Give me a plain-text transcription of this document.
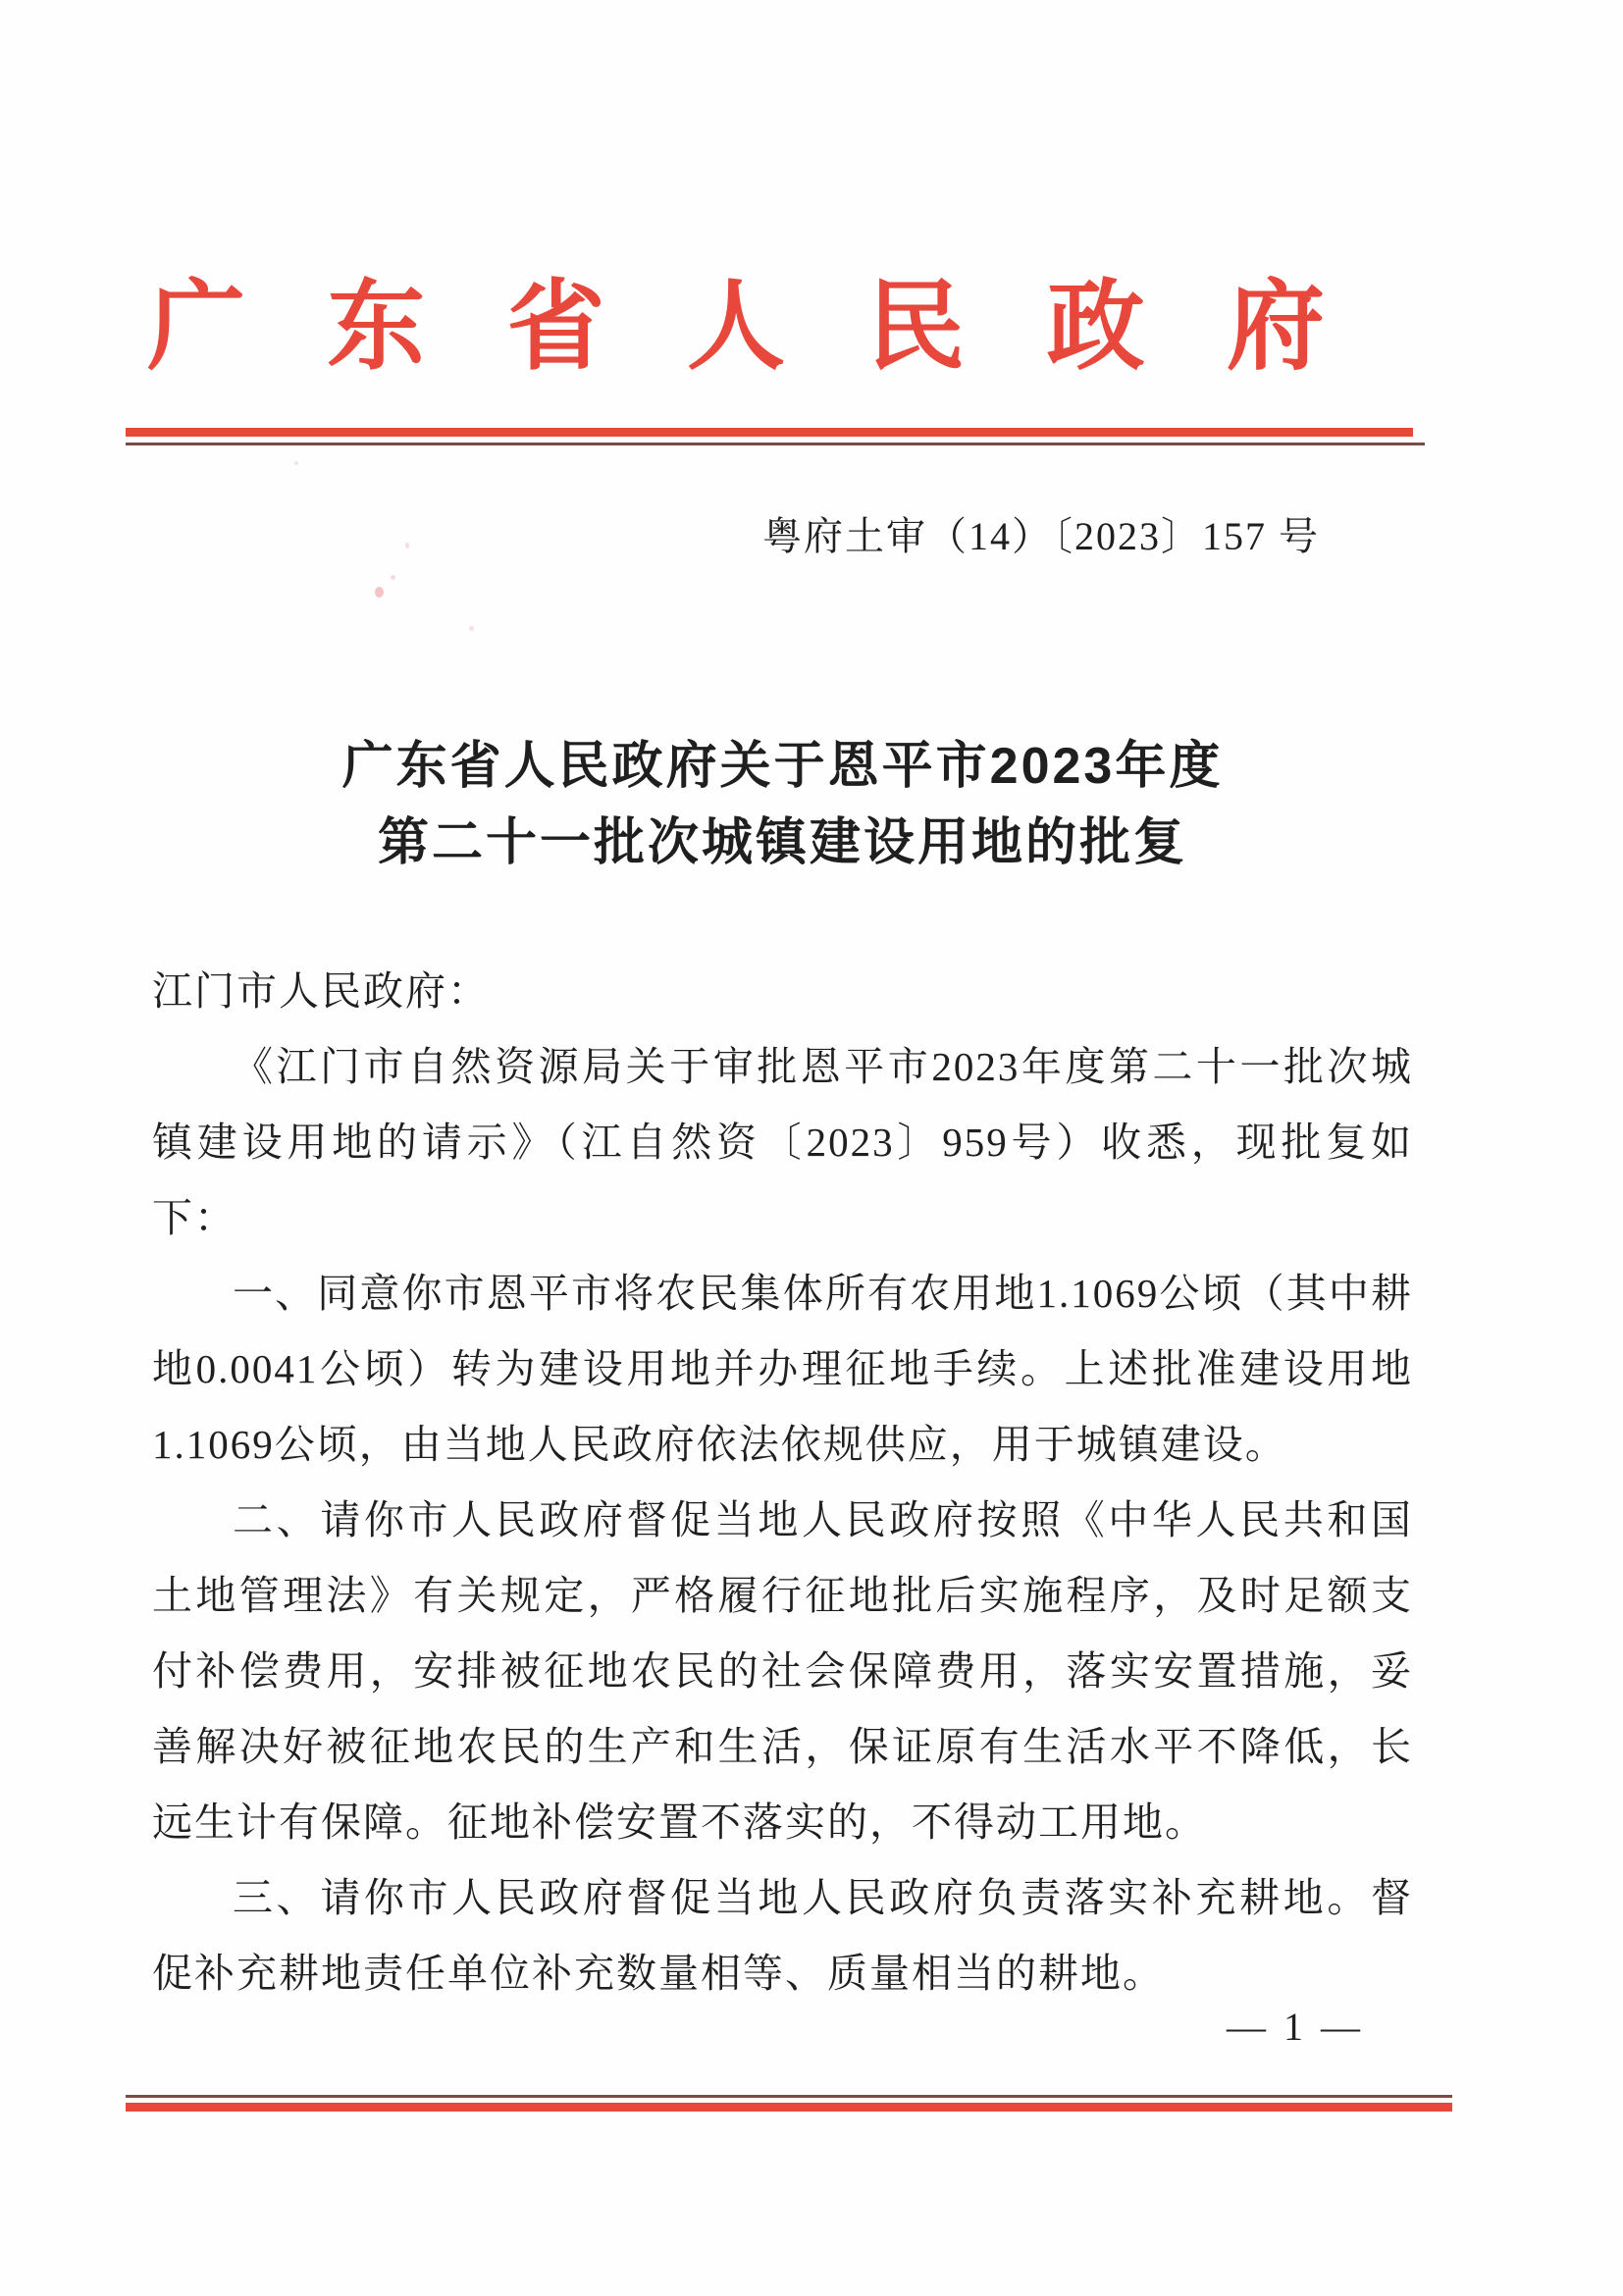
广 东 省 人 民 政 府
粤府土审（14）〔2023〕157 号
广东省人民政府关于恩平市2023年度
第二十一批次城镇建设用地的批复

江门市人民政府：

《江门市自然资源局关于审批恩平市2023年度第二十一批次城镇建设用地的请示》（江自然资〔2023〕959号）收悉，现批复如下：

一、同意你市恩平市将农民集体所有农用地1.1069公顷（其中耕地0.0041公顷）转为建设用地并办理征地手续。上述批准建设用地1.1069公顷，由当地人民政府依法依规供应，用于城镇建设。

二、请你市人民政府督促当地人民政府按照《中华人民共和国土地管理法》有关规定，严格履行征地批后实施程序，及时足额支付补偿费用，安排被征地农民的社会保障费用，落实安置措施，妥善解决好被征地农民的生产和生活，保证原有生活水平不降低，长远生计有保障。征地补偿安置不落实的，不得动工用地。

三、请你市人民政府督促当地人民政府负责落实补充耕地。督促补充耕地责任单位补充数量相等、质量相当的耕地。

— 1 —
